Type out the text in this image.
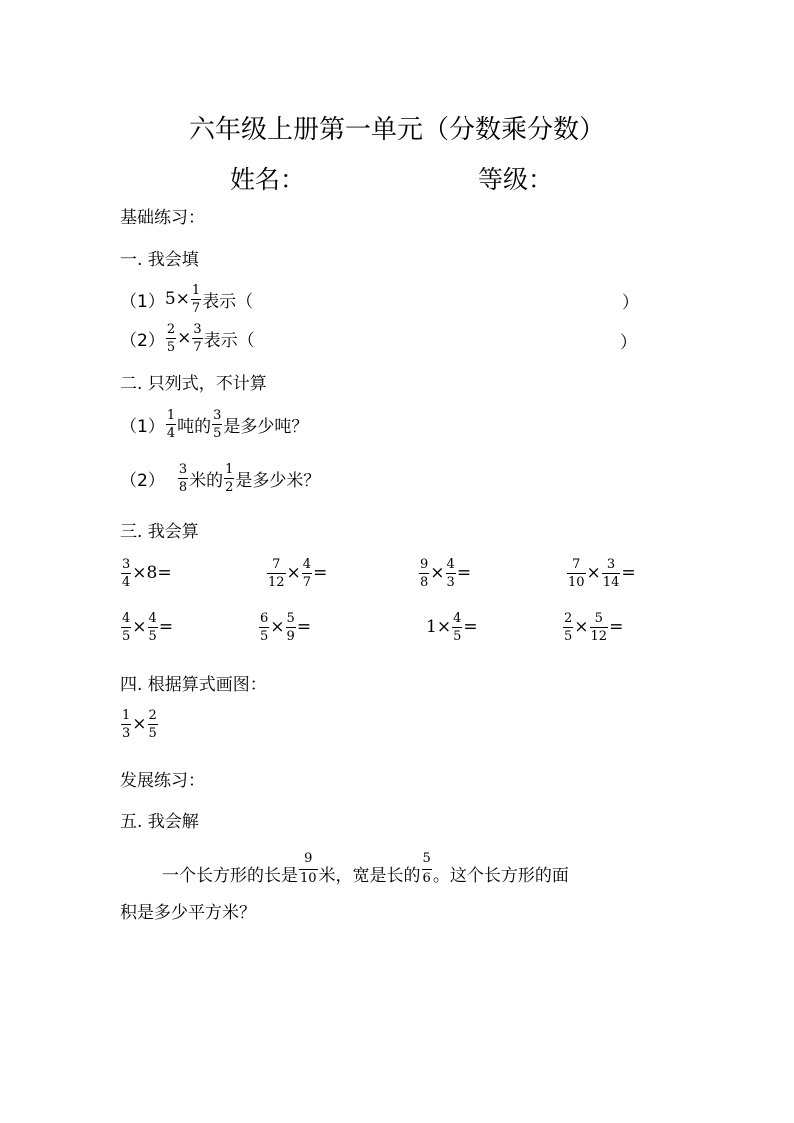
六年级上册第一单元（分数乘分数）
姓名：	等级：
基础练习：
一. 我会填
（1） $5 \times \frac{1}{7}$ 表示（	）
$(2) \frac{2}{5} \times \frac{3}{7}$ 表示（	）
二. 只列式，不计算
$(1) \frac{1}{4}$ 吨的 $\frac{3}{5}$ 是多少吨？
$(2) \frac{3}{8}$ 米的 $\frac{1}{2}$ 是多少米？
三. 我会算
$\frac{3}{4} \times 8$ =	$\frac{7}{12} \times \frac{4}{7}$ =	$\frac{9}{8} \times \frac{4}{3}$ =	$\frac{7}{10} \times \frac{3}{14}$ =
$\frac{4}{5} \times \frac{4}{5}$ =	$\frac{6}{5} \times \frac{5}{9}$ =	$1 \times \frac{4}{5}$ =	$\frac{2}{5} \times \frac{5}{12}$ =
四. 根据算式画图：
$\frac{1}{3} \times \frac{2}{5}$
发展练习：
五. 我会解
一个长方形的长是 $\frac{9}{10}$ 米，宽是长的 $\frac{5}{6}$ 。这个长方形的面
积是多少平方米？
